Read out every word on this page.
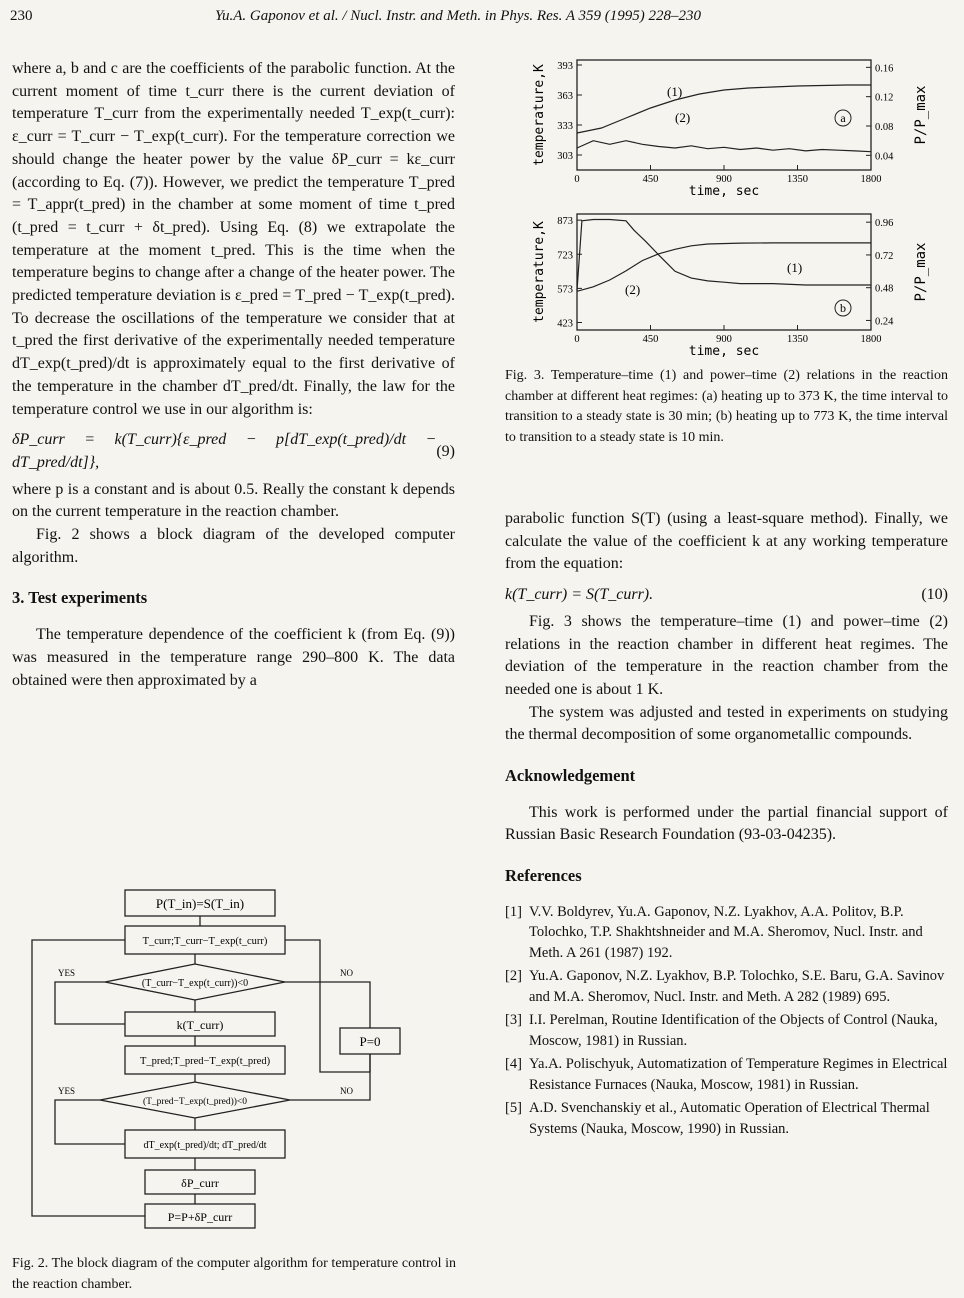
230	Yu.A. Gaponov et al. / Nucl. Instr. and Meth. in Phys. Res. A 359 (1995) 228–230

where a, b and c are the coefficients of the parabolic function. At the current moment of time t_curr there is the current deviation of temperature T_curr from the experimentally needed T_exp(t_curr): ε_curr = T_curr − T_exp(t_curr). For the temperature correction we should change the heater power by the value δP_curr = kε_curr (according to Eq. (7)). However, we predict the temperature T_pred = T_appr(t_pred) in the chamber at some moment of time t_pred (t_pred = t_curr + δt_pred). Using Eq. (8) we extrapolate the temperature at the moment t_pred. This is the time when the temperature begins to change after a change of the heater power. The predicted temperature deviation is ε_pred = T_pred − T_exp(t_pred). To decrease the oscillations of the temperature we consider that at t_pred the first derivative of the experimentally needed temperature dT_exp(t_pred)/dt is approximately equal to the first derivative of the temperature in the chamber dT_pred/dt. Finally, the law for the temperature control we use in our algorithm is:

δP_curr = k(T_curr){ε_pred − p[dT_exp(t_pred)/dt − dT_pred/dt]},
(9)

where p is a constant and is about 0.5. Really the constant k depends on the current temperature in the reaction chamber.

Fig. 2 shows a block diagram of the developed computer algorithm.

3. Test experiments

The temperature dependence of the coefficient k (from Eq. (9)) was measured in the temperature range 290–800 K. The data obtained were then approximated by a

P(T_in)=S(T_in)
T_curr;T_curr−T_exp(t_curr)
(T_curr−T_exp(t_curr))<0
k(T_curr)
T_pred;T_pred−T_exp(t_pred)
(T_pred−T_exp(t_pred))<0
dT_exp(t_pred)/dt; dT_pred/dt
δP_curr
P=P+δP_curr
P=0
YES	NO
YES	NO
Fig. 2. The block diagram of the computer algorithm for temperature control in the reaction chamber.
0	450	900	1350	1800
303
333
363
393
0.04
0.08
0.12
0.16
time, sec
temperature,K	P/P_max
(1)
(2)	a
0	450	900	1350	1800
423
573
723
873
0.24
0.48
0.72
0.96
time, sec
temperature,K	P/P_max
(1)
(2)
b
Fig. 3. Temperature–time (1) and power–time (2) relations in the reaction chamber at different heat regimes: (a) heating up to 373 K, the time interval to transition to a steady state is 30 min; (b) heating up to 773 K, the time interval to transition to a steady state is 10 min.

parabolic function S(T) (using a least-square method). Finally, we calculate the value of the coefficient k at any working temperature from the equation:

k(T_curr) = S(T_curr).	(10)

Fig. 3 shows the temperature–time (1) and power–time (2) relations in the reaction chamber in different heat regimes. The deviation of the temperature in the reaction chamber from the needed one is about 1 K.

The system was adjusted and tested in experiments on studying the thermal decomposition of some organometallic compounds.

Acknowledgement

This work is performed under the partial financial support of Russian Basic Research Foundation (93-03-04235).

References
[1] V.V. Boldyrev, Yu.A. Gaponov, N.Z. Lyakhov, A.A. Politov, B.P. Tolochko, T.P. Shakhtshneider and M.A. Sheromov, Nucl. Instr. and Meth. A 261 (1987) 192.
[2] Yu.A. Gaponov, N.Z. Lyakhov, B.P. Tolochko, S.E. Baru, G.A. Savinov and M.A. Sheromov, Nucl. Instr. and Meth. A 282 (1989) 695.
[3] I.I. Perelman, Routine Identification of the Objects of Control (Nauka, Moscow, 1981) in Russian.
[4] Ya.A. Polischyuk, Automatization of Temperature Regimes in Electrical Resistance Furnaces (Nauka, Moscow, 1981) in Russian.
[5] A.D. Svenchanskiy et al., Automatic Operation of Electrical Thermal Systems (Nauka, Moscow, 1990) in Russian.
